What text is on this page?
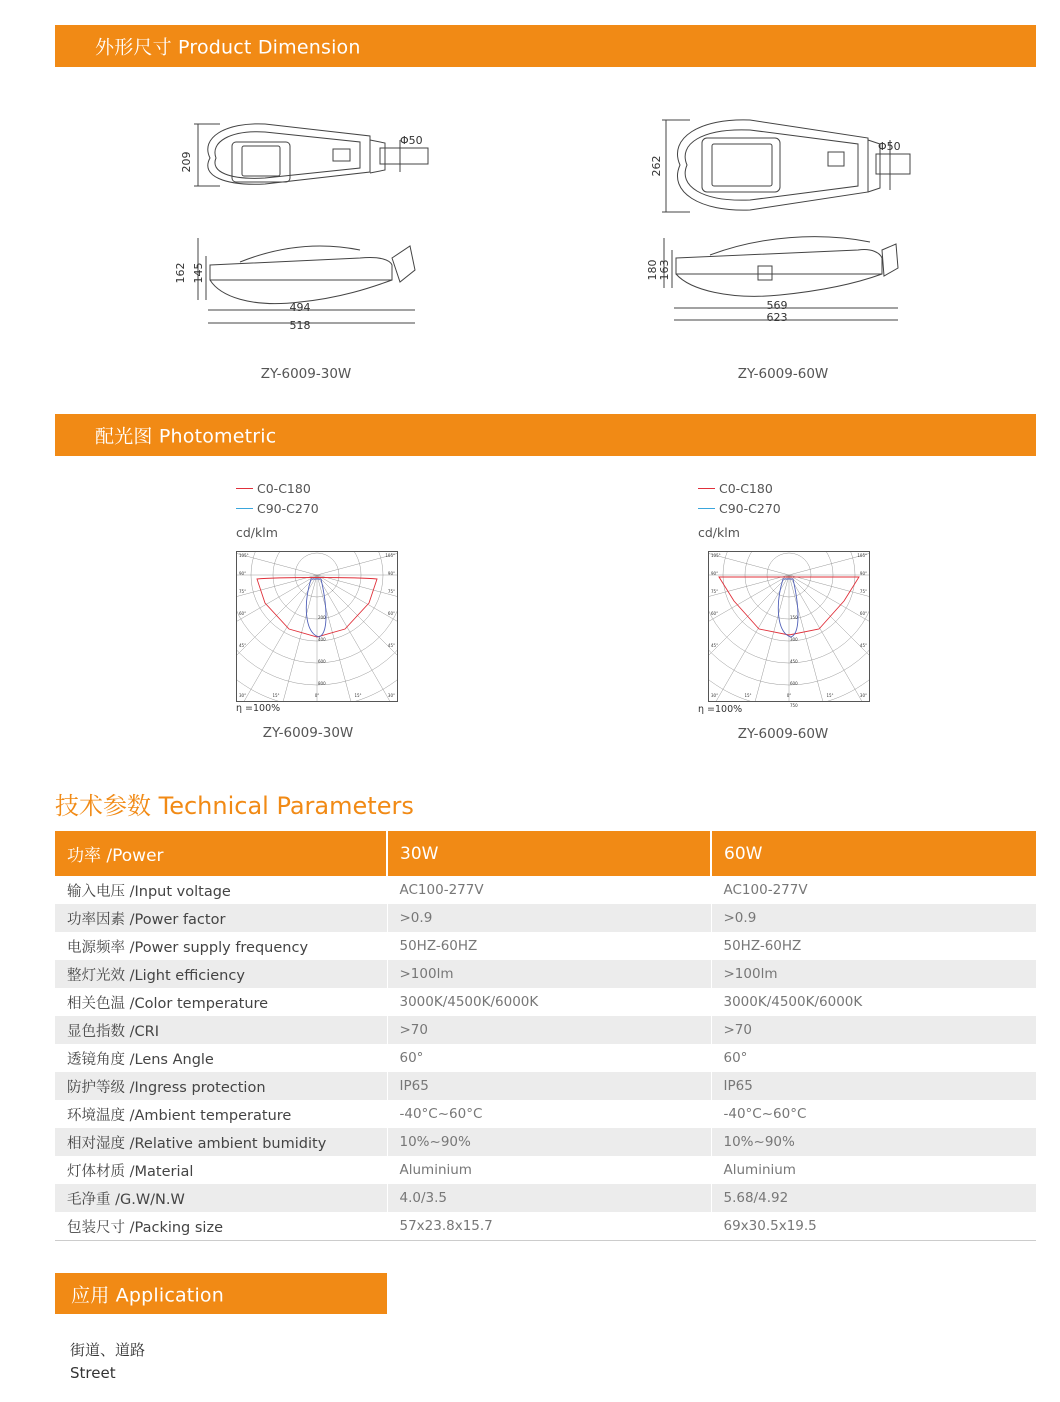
外形尺寸 Product Dimension
209
Φ50
162 145
494
518
262
Φ50
180 163
569
623
ZY-6009-30W	ZY-6009-60W
配光图 Photometric
C0-C180
C90-C270
cd/klm
105°	105°
90°	90°
75°	75°
60°	60°
45°	45°
30°	30°
15°	0°	15°
200
400
600
800
η =100%
ZY-6009-30W
C0-C180
C90-C270
cd/klm
105°	105°
90°	90°
75°	75°
60°	60°
45°	45°
30°	30°
15°	0°	15°
150
300
450
600
750
η =100%
ZY-6009-60W
技术参数 Technical Parameters
功率 /Power	30W	60W
输入电压 /Input voltage	AC100-277V	AC100-277V
功率因素 /Power factor	>0.9	>0.9
电源频率 /Power supply frequency	50HZ-60HZ	50HZ-60HZ
整灯光效 /Light efficiency	>100lm	>100lm
相关色温 /Color temperature	3000K/4500K/6000K	3000K/4500K/6000K
显色指数 /CRI	>70	>70
透镜角度 /Lens Angle	60°	60°
防护等级 /Ingress protection	IP65	IP65
环境温度 /Ambient temperature	-40°C~60°C	-40°C~60°C
相对湿度 /Relative ambient bumidity	10%~90%	10%~90%
灯体材质 /Material	Aluminium	Aluminium
毛净重 /G.W/N.W	4.0/3.5	5.68/4.92
包装尺寸 /Packing size	57x23.8x15.7	69x30.5x19.5
应用 Application
街道、道路
Street
